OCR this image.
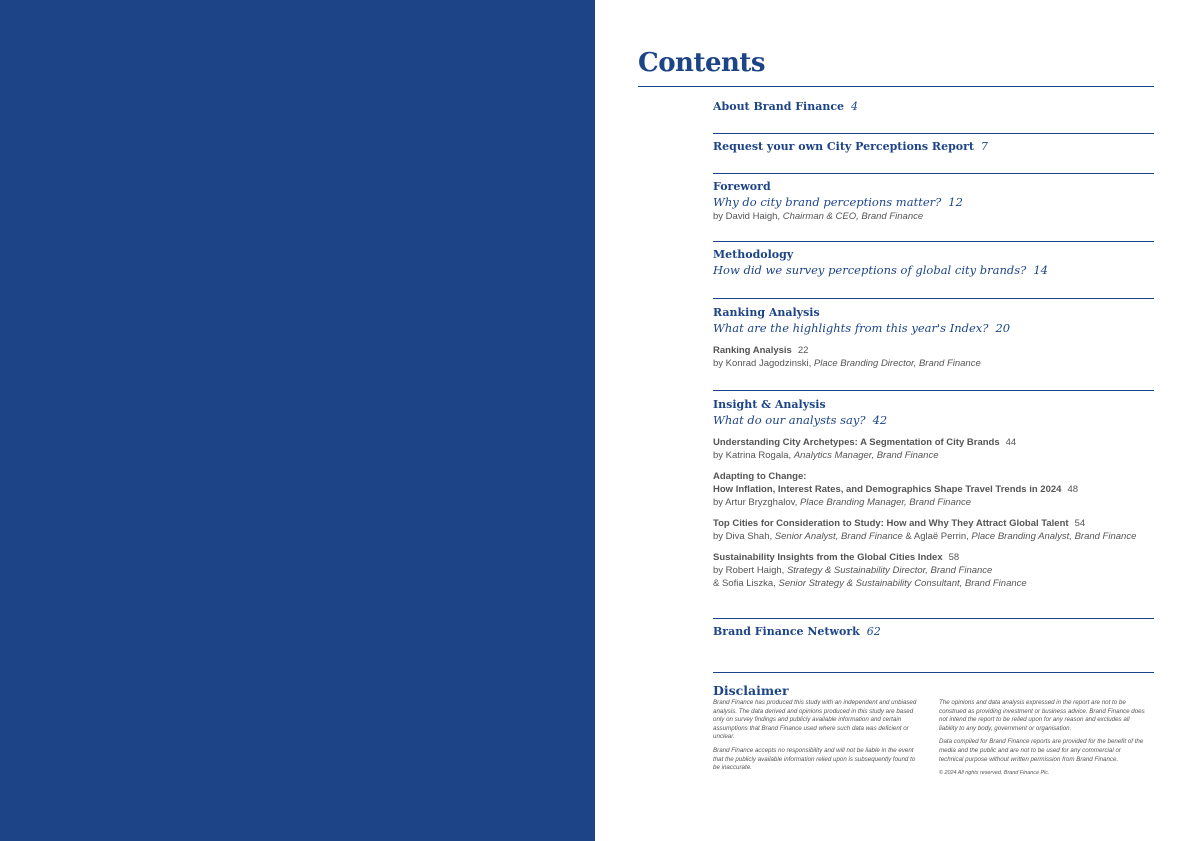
Contents
About Brand Finance 4
Request your own City Perceptions Report 7
Foreword
Why do city brand perceptions matter? 12
by David Haigh, Chairman & CEO, Brand Finance
Methodology
How did we survey perceptions of global city brands? 14
Ranking Analysis
What are the highlights from this year's Index? 20
Ranking Analysis 22
by Konrad Jagodzinski, Place Branding Director, Brand Finance
Insight & Analysis
What do our analysts say? 42
Understanding City Archetypes: A Segmentation of City Brands 44
by Katrina Rogala, Analytics Manager, Brand Finance
Adapting to Change:
How Inflation, Interest Rates, and Demographics Shape Travel Trends in 2024 48
by Artur Bryzghalov, Place Branding Manager, Brand Finance
Top Cities for Consideration to Study: How and Why They Attract Global Talent 54
by Diva Shah, Senior Analyst, Brand Finance & Aglaë Perrin, Place Branding Analyst, Brand Finance
Sustainability Insights from the Global Cities Index 58
by Robert Haigh, Strategy & Sustainability Director, Brand Finance
& Sofia Liszka, Senior Strategy & Sustainability Consultant, Brand Finance
Brand Finance Network 62
Disclaimer

Brand Finance has produced this study with an independent and unbiased analysis. The data derived and opinions produced in this study are based only on survey findings and publicly available information and certain assumptions that Brand Finance used where such data was deficient or unclear.

Brand Finance accepts no responsibility and will not be liable in the event that the publicly available information relied upon is subsequently found to be inaccurate.

The opinions and data analysis expressed in the report are not to be construed as providing investment or business advice. Brand Finance does not intend the report to be relied upon for any reason and excludes all liability to any body, government or organisation.

Data compiled for Brand Finance reports are provided for the benefit of the media and the public and are not to be used for any commercial or technical purpose without written permission from Brand Finance.

© 2024 All rights reserved. Brand Finance Plc.
